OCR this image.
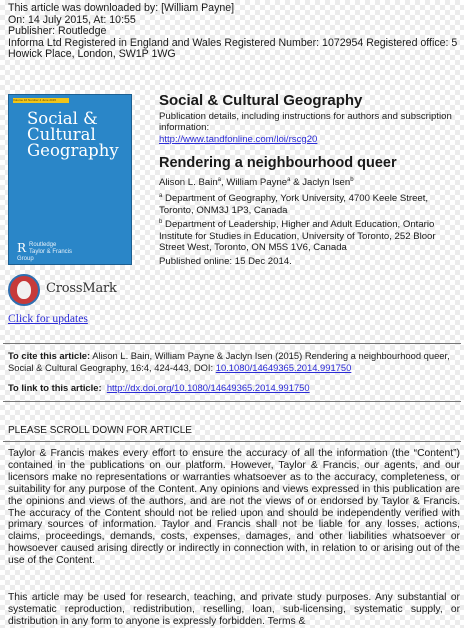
This article was downloaded by: [William Payne]
On: 14 July 2015, At: 10:55
Publisher: Routledge
Informa Ltd Registered in England and Wales Registered Number: 1072954 Registered office: 5 Howick Place, London, SW1P 1WG
Volume 16 Number 4 June 2015
Social & Cultural Geography
R Routledge
Taylor & Francis Group
CrossMark
Click for updates
Social & Cultural Geography
Publication details, including instructions for authors and subscription information:
http://www.tandfonline.com/loi/rscg20
Rendering a neighbourhood queer
Alison L. Bain$^a$, William Payne$^a$ & Jaclyn Isen$^b$
$^a$ Department of Geography, York University, 4700 Keele Street, Toronto, ONM3J 1P3, Canada
$^b$ Department of Leadership, Higher and Adult Education, Ontario Institute for Studies in Education, University of Toronto, 252 Bloor Street West, Toronto, ON M5S 1V6, Canada
Published online: 15 Dec 2014.
To cite this article: Alison L. Bain, William Payne & Jaclyn Isen (2015) Rendering a neighbourhood queer, Social & Cultural Geography, 16:4, 424-443, DOI: 10.1080/14649365.2014.991750
To link to this article: http://dx.doi.org/10.1080/14649365.2014.991750
PLEASE SCROLL DOWN FOR ARTICLE
Taylor & Francis makes every effort to ensure the accuracy of all the information (the “Content”) contained in the publications on our platform. However, Taylor & Francis, our agents, and our licensors make no representations or warranties whatsoever as to the accuracy, completeness, or suitability for any purpose of the Content. Any opinions and views expressed in this publication are the opinions and views of the authors, and are not the views of or endorsed by Taylor & Francis. The accuracy of the Content should not be relied upon and should be independently verified with primary sources of information. Taylor and Francis shall not be liable for any losses, actions, claims, proceedings, demands, costs, expenses, damages, and other liabilities whatsoever or howsoever caused arising directly or indirectly in connection with, in relation to or arising out of the use of the Content.
This article may be used for research, teaching, and private study purposes. Any substantial or systematic reproduction, redistribution, reselling, loan, sub-licensing, systematic supply, or distribution in any form to anyone is expressly forbidden. Terms &
